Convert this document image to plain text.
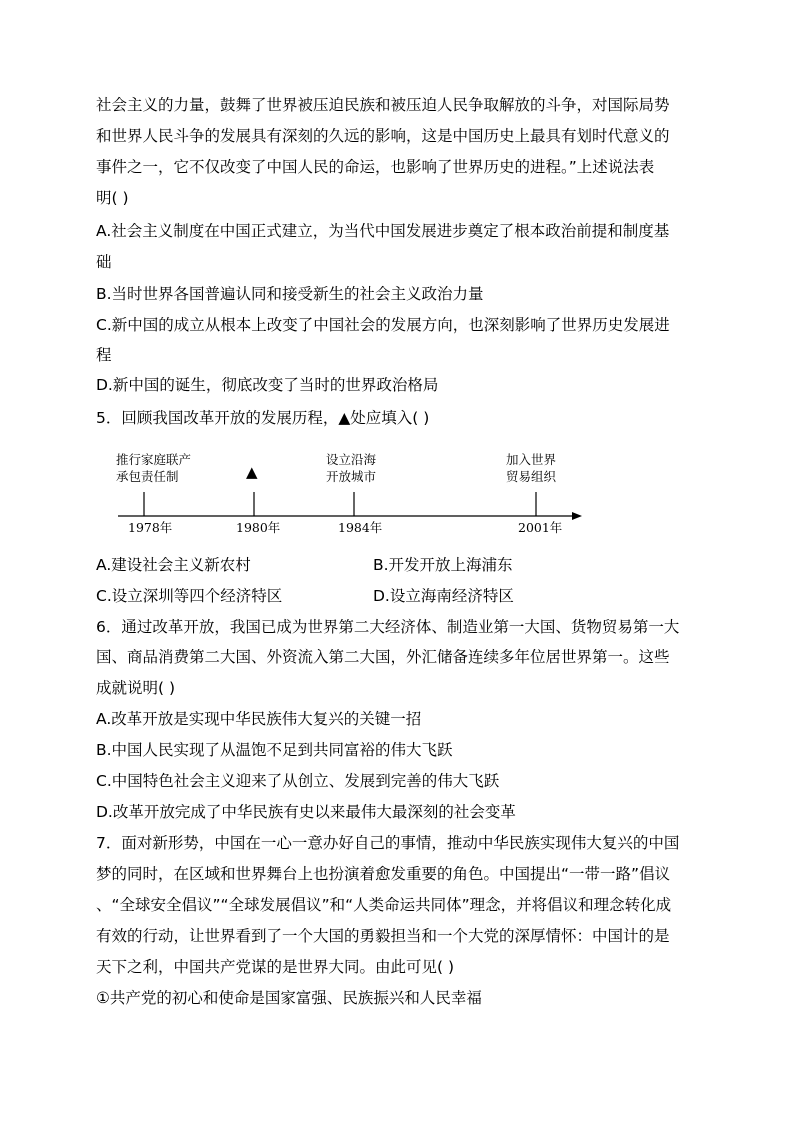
社会主义的力量，鼓舞了世界被压迫民族和被压迫人民争取解放的斗争，对国际局势
和世界人民斗争的发展具有深刻的久远的影响，这是中国历史上最具有划时代意义的
事件之一，它不仅改变了中国人民的命运，也影响了世界历史的进程。”上述说法表
明( )
A.社会主义制度在中国正式建立，为当代中国发展进步奠定了根本政治前提和制度基
础
B.当时世界各国普遍认同和接受新生的社会主义政治力量
C.新中国的成立从根本上改变了中国社会的发展方向，也深刻影响了世界历史发展进
程
D.新中国的诞生，彻底改变了当时的世界政治格局
5．回顾我国改革开放的发展历程，▲处应填入( )
推行家庭联产
承包责任制	▲
设立沿海
开放城市
加入世界
贸易组织
1978年	1980年	1984年	2001年
A.建设社会主义新农村	B.开发开放上海浦东
C.设立深圳等四个经济特区	D.设立海南经济特区
6．通过改革开放，我国已成为世界第二大经济体、制造业第一大国、货物贸易第一大
国、商品消费第二大国、外资流入第二大国，外汇储备连续多年位居世界第一。这些
成就说明( )
A.改革开放是实现中华民族伟大复兴的关键一招
B.中国人民实现了从温饱不足到共同富裕的伟大飞跃
C.中国特色社会主义迎来了从创立、发展到完善的伟大飞跃
D.改革开放完成了中华民族有史以来最伟大最深刻的社会变革
7．面对新形势，中国在一心一意办好自己的事情，推动中华民族实现伟大复兴的中国
梦的同时，在区域和世界舞台上也扮演着愈发重要的角色。中国提出“一带一路”倡议
、“全球安全倡议”“全球发展倡议”和“人类命运共同体”理念，并将倡议和理念转化成
有效的行动，让世界看到了一个大国的勇毅担当和一个大党的深厚情怀：中国计的是
天下之利，中国共产党谋的是世界大同。由此可见( )
①共产党的初心和使命是国家富强、民族振兴和人民幸福
